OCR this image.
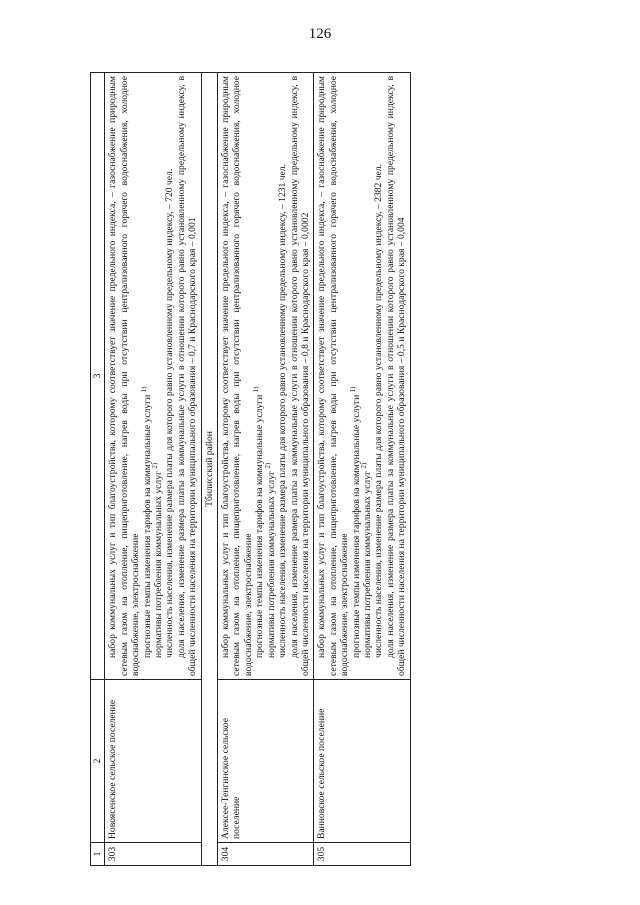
126
1	2	3
303	Новоясенское сельское поселение	набор коммунальных услуг и тип благоустройства, которому соответствует значение предельного индекса, – газоснабжение природным сетевым газом на отопление, пищеприготовление, нагрев воды при отсутствии централизованного горячего водоснабжения, холодное водоснабжение, электроснабжение прогнозные темпы изменения тарифов на коммунальные услуги $^{1)}$
нормативы потребления коммунальных услуг $^{2)}$ численность населения, изменение размера платы для которого равно установленному предельному индексу, – 720 чел. доля населения, изменение размера платы за коммунальные услуги в отношении которого равно установленному предельному индексу, в общей численности населения на территории муниципального образования – 0,7 и Краснодарского края – 0,001

Тбилисский район		
304	Алексее-Тенгинское сельское поселение	набор коммунальных услуг и тип благоустройства, которому соответствует значение предельного индекса, – газоснабжение природным сетевым газом на отопление, пищеприготовление, нагрев воды при отсутствии централизованного горячего водоснабжения, холодное водоснабжение, электроснабжение прогнозные темпы изменения тарифов на коммунальные услуги $^{1)}$
нормативы потребления коммунальных услуг $^{2)}$ численность населения, изменение размера платы для которого равно установленному предельному индексу, – 1231 чел. доля населения, изменение размера платы за коммунальные услуги в отношении которого равно установленному предельному индексу, в общей численности населения на территории муниципального образования – 0,8 и Краснодарского края – 0,0002

305	Ванновское сельское поселение	набор коммунальных услуг и тип благоустройства, которому соответствует значение предельного индекса, – газоснабжение природным сетевым газом на отопление, пищеприготовление, нагрев воды при отсутствии централизованного горячего водоснабжения, холодное водоснабжение, электроснабжение прогнозные темпы изменения тарифов на коммунальные услуги $^{1)}$
нормативы потребления коммунальных услуг $^{2)}$ численность населения, изменение размера платы для которого равно установленному предельному индексу, – 2382 чел. доля населения, изменение размера платы за коммунальные услуги в отношении которого равно установленному предельному индексу, в общей численности населения на территории муниципального образования – 0,5 и Краснодарского края – 0,004
